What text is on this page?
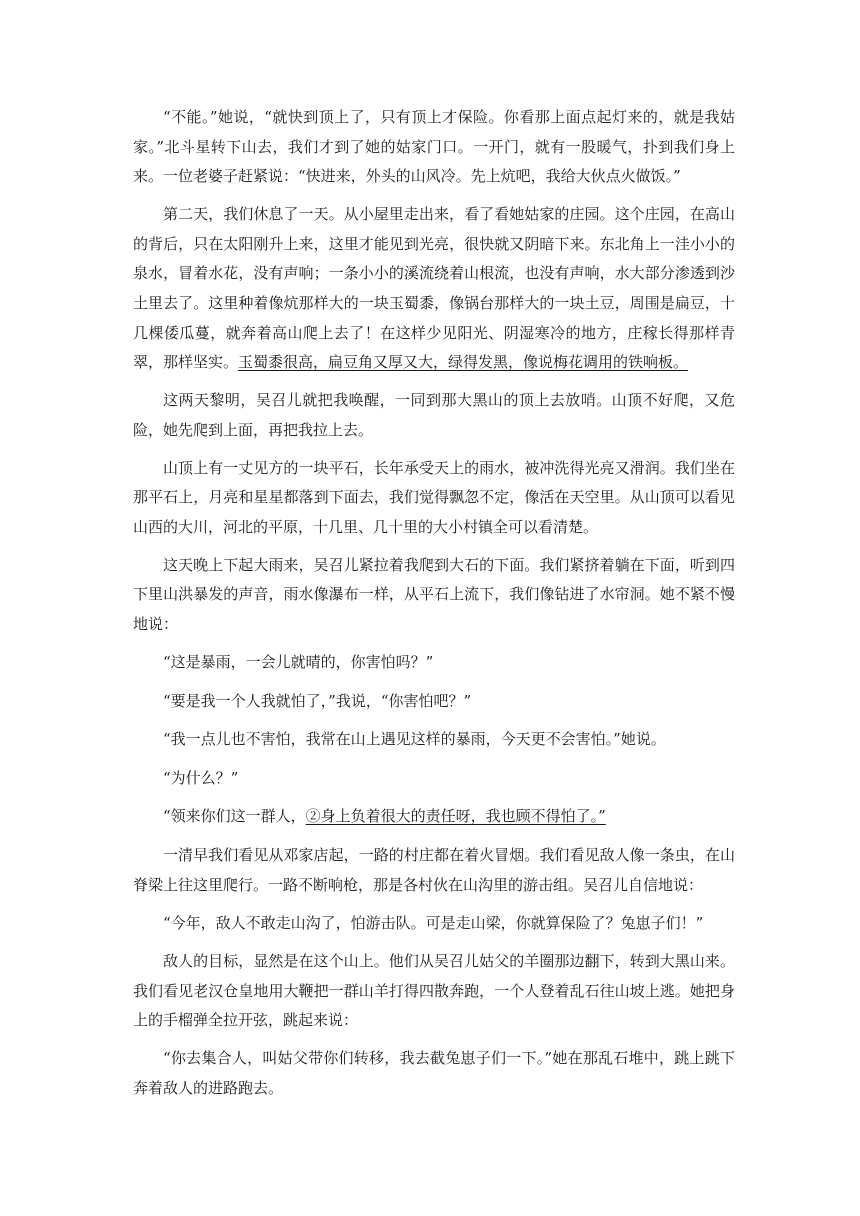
“不能。”她说，“就快到顶上了，只有顶上才保险。你看那上面点起灯来的，就是我姑家。”北斗星转下山去，我们才到了她的姑家门口。一开门，就有一股暖气，扑到我们身上来。一位老婆子赶紧说：“快进来，外头的山风冷。先上炕吧，我给大伙点火做饭。”

第二天，我们休息了一天。从小屋里走出来，看了看她姑家的庄园。这个庄园，在高山的背后，只在太阳刚升上来，这里才能见到光亮，很快就又阴暗下来。东北角上一洼小小的泉水，冒着水花，没有声响；一条小小的溪流绕着山根流，也没有声响，水大部分渗透到沙土里去了。这里种着像炕那样大的一块玉蜀黍，像锅台那样大的一块土豆，周围是扁豆，十几棵倭瓜蔓，就奔着高山爬上去了！在这样少见阳光、阴湿寒冷的地方，庄稼长得那样青翠，那样坚实。玉蜀黍很高，扁豆角又厚又大，绿得发黑，像说梅花调用的铁响板。

这两天黎明，吴召儿就把我唤醒，一同到那大黑山的顶上去放哨。山顶不好爬，又危险，她先爬到上面，再把我拉上去。

山顶上有一丈见方的一块平石，长年承受天上的雨水，被冲洗得光亮又滑润。我们坐在那平石上，月亮和星星都落到下面去，我们觉得飘忽不定，像活在天空里。从山顶可以看见山西的大川，河北的平原，十几里、几十里的大小村镇全可以看清楚。

这天晚上下起大雨来，吴召儿紧拉着我爬到大石的下面。我们紧挤着躺在下面，听到四下里山洪暴发的声音，雨水像瀑布一样，从平石上流下，我们像钻进了水帘洞。她不紧不慢地说：

“这是暴雨，一会儿就晴的，你害怕吗？”

“要是我一个人我就怕了，”我说，“你害怕吧？”

“我一点儿也不害怕，我常在山上遇见这样的暴雨，今天更不会害怕。”她说。

“为什么？”

“领来你们这一群人，②身上负着很大的责任呀，我也顾不得怕了。”

一清早我们看见从邓家店起，一路的村庄都在着火冒烟。我们看见敌人像一条虫，在山脊梁上往这里爬行。一路不断响枪，那是各村伙在山沟里的游击组。吴召儿自信地说：

“今年，敌人不敢走山沟了，怕游击队。可是走山梁，你就算保险了？兔崽子们！”

敌人的目标，显然是在这个山上。他们从吴召儿姑父的羊圈那边翻下，转到大黑山来。我们看见老汉仓皇地用大鞭把一群山羊打得四散奔跑，一个人登着乱石往山坡上逃。她把身上的手榴弹全拉开弦，跳起来说：

“你去集合人，叫姑父带你们转移，我去截兔崽子们一下。”她在那乱石堆中，跳上跳下奔着敌人的进路跑去。
